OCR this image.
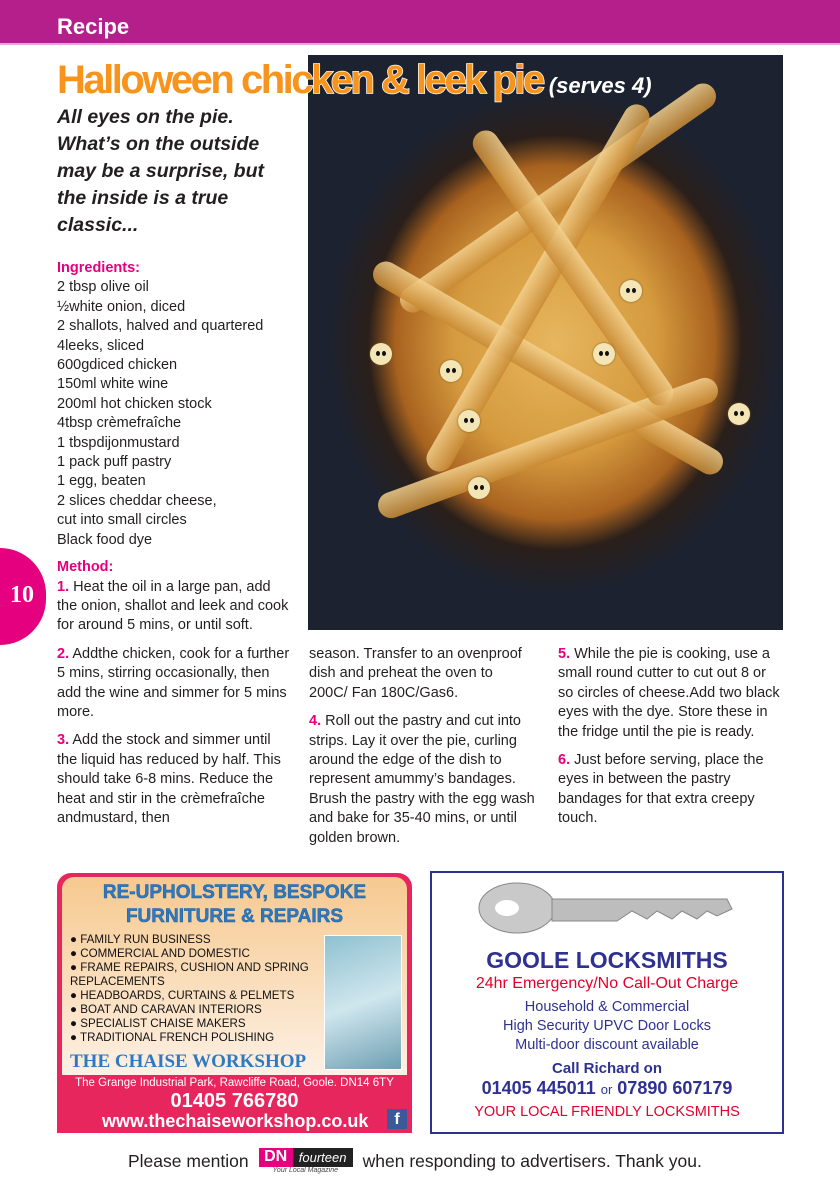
Recipe
Halloween chicken & leek pie (serves 4)
All eyes on the pie. What’s on the outside may be a surprise, but the inside is a true classic...
Ingredients:
2 tbsp olive oil
½white onion, diced
2 shallots, halved and quartered
4leeks, sliced
600gdiced chicken
150ml white wine
200ml hot chicken stock
4tbsp crèmefraîche
1 tbspdijonmustard
1 pack puff pastry
1 egg, beaten
2 slices cheddar cheese,
cut into small circles
Black food dye
Method:

1. Heat the oil in a large pan, add the onion, shallot and leek and cook for around 5 mins, or until soft.

2. Addthe chicken, cook for a further 5 mins, stirring occasionally, then add the wine and simmer for 5 mins more.

3. Add the stock and simmer until the liquid has reduced by half. This should take 6-8 mins. Reduce the heat and stir in the crèmefraîche andmustard, then

season. Transfer to an ovenproof dish and preheat the oven to 200C/ Fan 180C/Gas6.

4. Roll out the pastry and cut into strips. Lay it over the pie, curling around the edge of the dish to represent amummy’s bandages. Brush the pastry with the egg wash and bake for 35-40 mins, or until golden brown.

5. While the pie is cooking, use a small round cutter to cut out 8 or so circles of cheese.Add two black eyes with the dye. Store these in the fridge until the pie is ready.

6. Just before serving, place the eyes in between the pastry bandages for that extra creepy touch.

10
RE-UPHOLSTERY, BESPOKE FURNITURE & REPAIRS
● FAMILY RUN BUSINESS
● COMMERCIAL AND DOMESTIC
● FRAME REPAIRS, CUSHION AND SPRING REPLACEMENTS
● HEADBOARDS, CURTAINS & PELMETS
● BOAT AND CARAVAN INTERIORS
● SPECIALIST CHAISE MAKERS
● TRADITIONAL FRENCH POLISHING
THE CHAISE WORKSHOP
The Grange Industrial Park, Rawcliffe Road, Goole. DN14 6TY
01405 766780
www.thechaiseworkshop.co.uk	f
GOOLE LOCKSMITHS
24hr Emergency/No Call-Out Charge
Household & Commercial
High Security UPVC Door Locks
Multi-door discount available
Call Richard on
01405 445011 or 07890 607179
YOUR LOCAL FRIENDLY LOCKSMITHS
Please mention DN fourteen
Your Local Magazine when responding to advertisers. Thank you.
